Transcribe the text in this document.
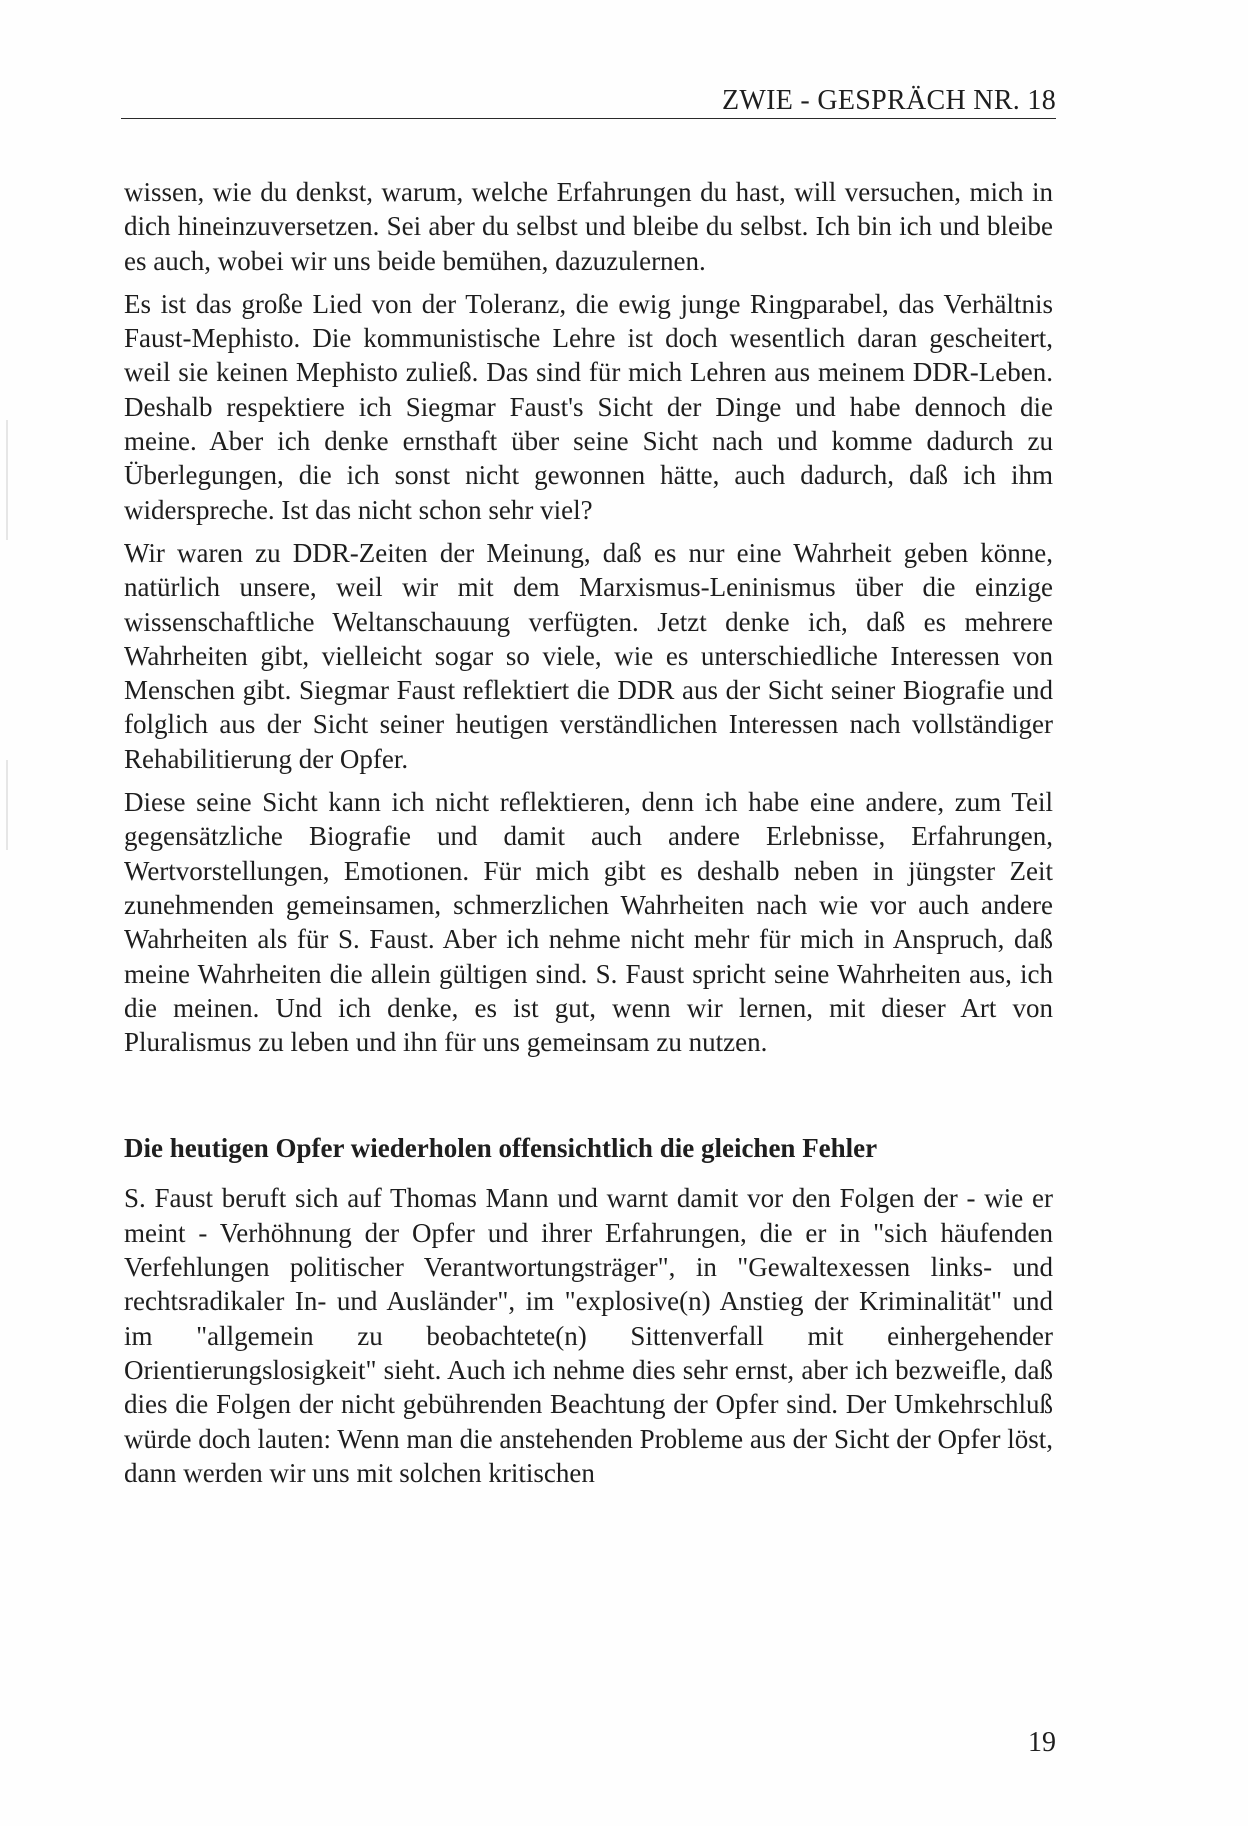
ZWIE - GESPRÄCH NR. 18

wissen, wie du denkst, warum, welche Erfahrungen du hast, will versuchen, mich in dich hineinzuversetzen. Sei aber du selbst und bleibe du selbst. Ich bin ich und bleibe es auch, wobei wir uns beide bemühen, dazuzulernen.

Es ist das große Lied von der Toleranz, die ewig junge Ringparabel, das Verhältnis Faust-Mephisto. Die kommunistische Lehre ist doch wesentlich daran gescheitert, weil sie keinen Mephisto zuließ. Das sind für mich Lehren aus meinem DDR-Leben. Deshalb respektiere ich Siegmar Faust's Sicht der Dinge und habe dennoch die meine. Aber ich denke ernsthaft über seine Sicht nach und komme dadurch zu Überlegungen, die ich sonst nicht gewonnen hätte, auch dadurch, daß ich ihm widerspreche. Ist das nicht schon sehr viel?

Wir waren zu DDR-Zeiten der Meinung, daß es nur eine Wahrheit geben könne, natürlich unsere, weil wir mit dem Marxismus-Leninismus über die einzige wissenschaftliche Weltanschauung verfügten. Jetzt denke ich, daß es mehrere Wahrheiten gibt, vielleicht sogar so viele, wie es unterschiedliche Interessen von Menschen gibt. Siegmar Faust reflektiert die DDR aus der Sicht seiner Biografie und folglich aus der Sicht seiner heutigen verständlichen Interessen nach vollständiger Rehabilitierung der Opfer.

Diese seine Sicht kann ich nicht reflektieren, denn ich habe eine andere, zum Teil gegensätzliche Biografie und damit auch andere Erlebnisse, Erfahrungen, Wertvorstellungen, Emotionen. Für mich gibt es deshalb neben in jüngster Zeit zunehmenden gemeinsamen, schmerzlichen Wahrheiten nach wie vor auch andere Wahrheiten als für S. Faust. Aber ich nehme nicht mehr für mich in Anspruch, daß meine Wahrheiten die allein gültigen sind. S. Faust spricht seine Wahrheiten aus, ich die meinen. Und ich denke, es ist gut, wenn wir lernen, mit dieser Art von Pluralismus zu leben und ihn für uns gemeinsam zu nutzen.

Die heutigen Opfer wiederholen offensichtlich die gleichen Fehler

S. Faust beruft sich auf Thomas Mann und warnt damit vor den Folgen der - wie er meint - Verhöhnung der Opfer und ihrer Erfahrungen, die er in "sich häufenden Verfehlungen politischer Verantwortungsträger", in "Gewaltexessen links- und rechtsradikaler In- und Ausländer", im "explosive(n) Anstieg der Kriminalität" und im "allgemein zu beobachtete(n) Sittenverfall mit einhergehender Orientierungslosigkeit" sieht. Auch ich nehme dies sehr ernst, aber ich bezweifle, daß dies die Folgen der nicht gebührenden Beachtung der Opfer sind. Der Umkehrschluß würde doch lauten: Wenn man die anstehenden Probleme aus der Sicht der Opfer löst, dann werden wir uns mit solchen kritischen

19
